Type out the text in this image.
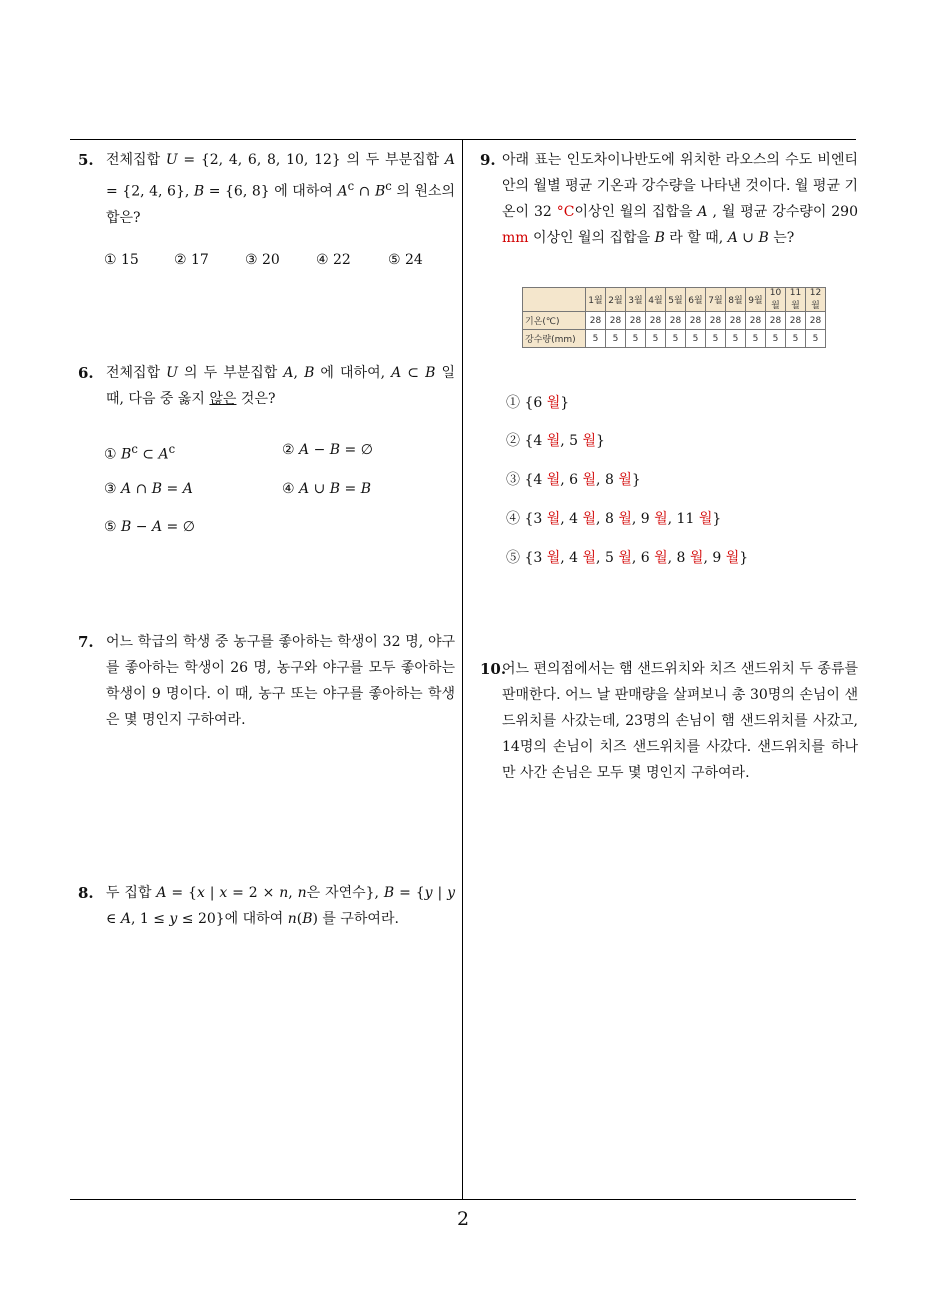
5. 전체집합 U = {2, 4, 6, 8, 10, 12} 의 두 부분집합 A = {2, 4, 6}, B = {6, 8} 에 대하여 $A^c$ ∩ $B^c$ 의 원소의 합은?
① 15	② 17	③ 20	④ 22	⑤ 24
6. 전체집합 U 의 두 부분집합 A, B 에 대하여, A ⊂ B 일 때, 다음 중 옳지 않은 것은?
① $B^c$ ⊂ $A^c$	② A − B = ∅
③ A ∩ B = A	④ A ∪ B = B
⑤ B − A = ∅
7. 어느 학급의 학생 중 농구를 좋아하는 학생이 32 명, 야구를 좋아하는 학생이 26 명, 농구와 야구를 모두 좋아하는 학생이 9 명이다. 이 때, 농구 또는 야구를 좋아하는 학생은 몇 명인지 구하여라.
8. 두 집합 A = {x | x = 2 × n, n은 자연수}, B = {y | y ∈ A, 1 ≤ y ≤ 20}에 대하여 n(B) 를 구하여라.
9. 아래 표는 인도차이나반도에 위치한 라오스의 수도 비엔티안의 월별 평균 기온과 강수량을 나타낸 것이다. 월 평균 기온이 32 °C이상인 월의 집합을 A , 월 평균 강수량이 290 mm 이상인 월의 집합을 B 라 할 때, A ∪ B 는?
	1월	2월	3월	4월	5월	6월	7월	8월	9월	10월	11월	12월
기온(℃)	28	28	28	28	28	28	28	28	28	28	28	28
강수량(mm)	5	5	5	5	5	5	5	5	5	5	5	5
① {6 월}
② {4 월, 5 월}
③ {4 월, 6 월, 8 월}
④ {3 월, 4 월, 8 월, 9 월, 11 월}
⑤ {3 월, 4 월, 5 월, 6 월, 8 월, 9 월}
10.
어느 편의점에서는 햄 샌드위치와 치즈 샌드위치 두 종류를 판매한다. 어느 날 판매량을 살펴보니 총 30명의 손님이 샌드위치를 사갔는데, 23명의 손님이 햄 샌드위치를 사갔고, 14명의 손님이 치즈 샌드위치를 사갔다. 샌드위치를 하나만 사간 손님은 모두 몇 명인지 구하여라.
2
